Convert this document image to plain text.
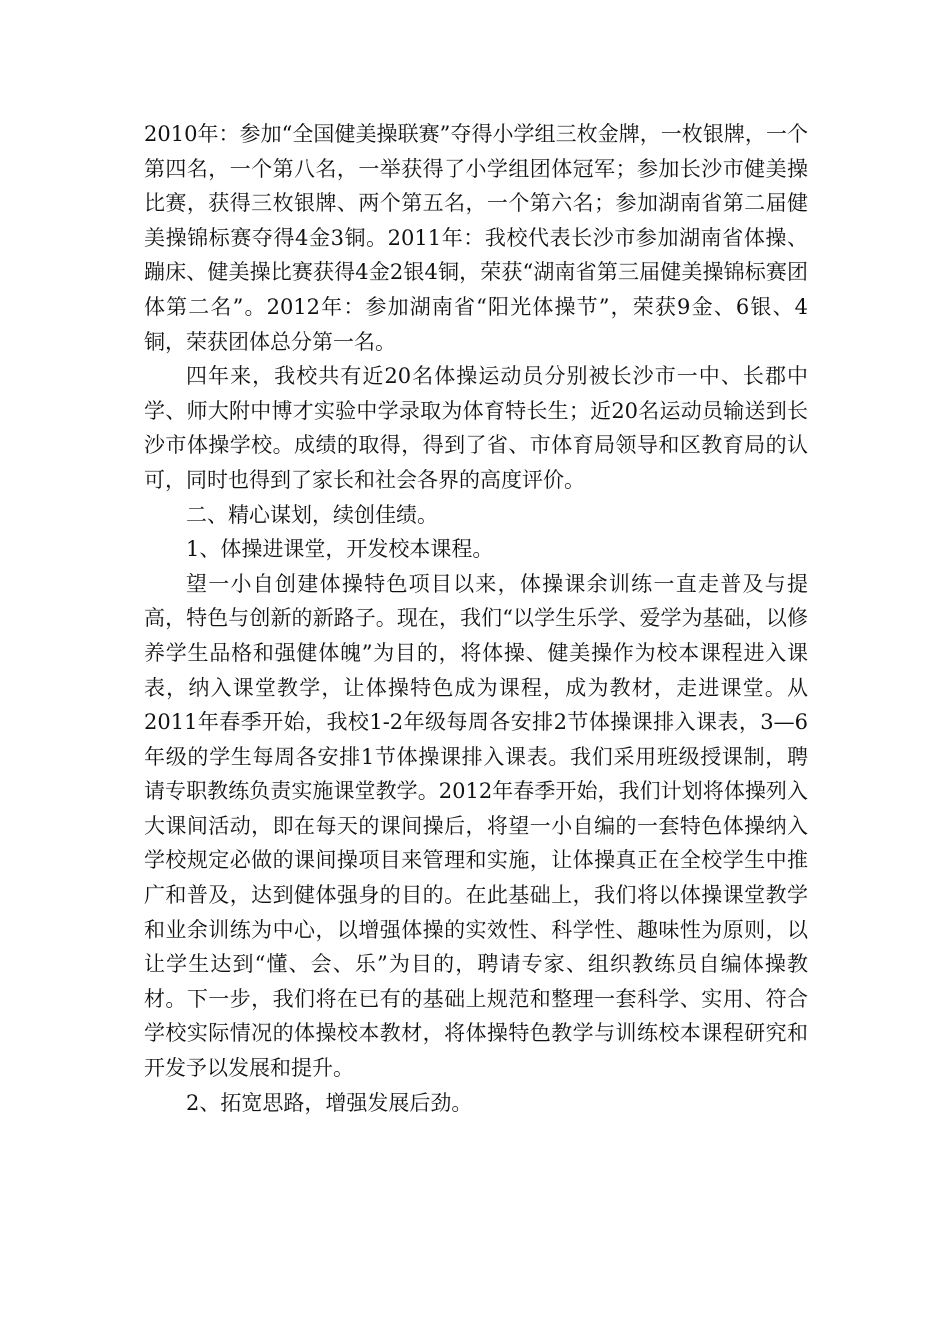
2010年：参加“全国健美操联赛”夺得小学组三枚金牌，一枚银牌，一个第四名，一个第八名，一举获得了小学组团体冠军；参加长沙市健美操比赛，获得三枚银牌、两个第五名，一个第六名；参加湖南省第二届健美操锦标赛夺得4金3铜。2011年：我校代表长沙市参加湖南省体操、蹦床、健美操比赛获得4金2银4铜，荣获“湖南省第三届健美操锦标赛团体第二名”。2012年：参加湖南省“阳光体操节”，荣获9金、6银、4铜，荣获团体总分第一名。

四年来，我校共有近20名体操运动员分别被长沙市一中、长郡中学、师大附中博才实验中学录取为体育特长生；近20名运动员输送到长沙市体操学校。成绩的取得，得到了省、市体育局领导和区教育局的认可，同时也得到了家长和社会各界的高度评价。

二、精心谋划，续创佳绩。

1、体操进课堂，开发校本课程。

望一小自创建体操特色项目以来，体操课余训练一直走普及与提高，特色与创新的新路子。现在，我们“以学生乐学、爱学为基础，以修养学生品格和强健体魄”为目的，将体操、健美操作为校本课程进入课表，纳入课堂教学，让体操特色成为课程，成为教材，走进课堂。从2011年春季开始，我校1-2年级每周各安排2节体操课排入课表，3—6年级的学生每周各安排1节体操课排入课表。我们采用班级授课制，聘请专职教练负责实施课堂教学。2012年春季开始，我们计划将体操列入大课间活动，即在每天的课间操后，将望一小自编的一套特色体操纳入学校规定必做的课间操项目来管理和实施，让体操真正在全校学生中推广和普及，达到健体强身的目的。在此基础上，我们将以体操课堂教学和业余训练为中心，以增强体操的实效性、科学性、趣味性为原则，以让学生达到“懂、会、乐”为目的，聘请专家、组织教练员自编体操教材。下一步，我们将在已有的基础上规范和整理一套科学、实用、符合学校实际情况的体操校本教材，将体操特色教学与训练校本课程研究和开发予以发展和提升。

2、拓宽思路，增强发展后劲。
